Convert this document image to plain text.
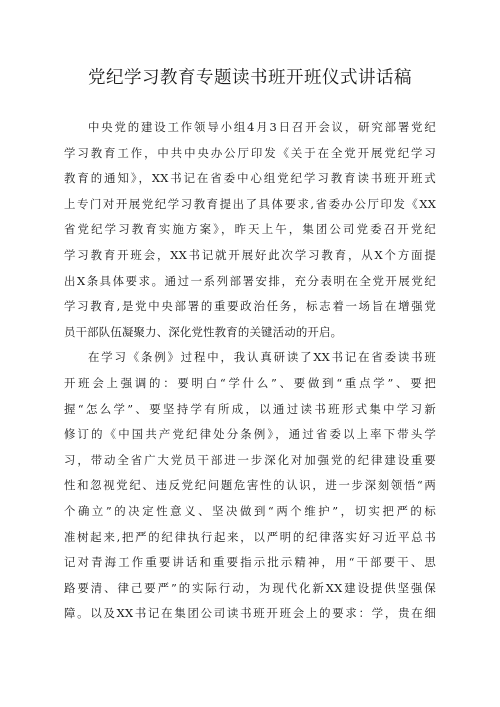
党纪学习教育专题读书班开班仪式讲话稿
中央党的建设工作领导小组4月3日召开会议，研究部署党纪
学习教育工作，中共中央办公厅印发《关于在全党开展党纪学习
教育的通知》，XX书记在省委中心组党纪学习教育读书班开班式
上专门对开展党纪学习教育提出了具体要求,省委办公厅印发《XX
省党纪学习教育实施方案》，昨天上午，集团公司党委召开党纪
学习教育开班会，XX书记就开展好此次学习教育，从X个方面提
出X条具体要求。通过一系列部署安排，充分表明在全党开展党纪
学习教育,是党中央部署的重要政治任务，标志着一场旨在增强党
员干部队伍凝聚力、深化党性教育的关键活动的开启。
在学习《条例》过程中，我认真研读了XX书记在省委读书班
开班会上强调的：要明白“学什么”、要做到“重点学”、要把
握“怎么学”、要坚持学有所成，以通过读书班形式集中学习新
修订的《中国共产党纪律处分条例》，通过省委以上率下带头学
习，带动全省广大党员干部进一步深化对加强党的纪律建设重要
性和忽视党纪、违反党纪问题危害性的认识，进一步深刻领悟“两
个确立”的决定性意义、坚决做到“两个维护”，切实把严的标
准树起来,把严的纪律执行起来，以严明的纪律落实好习近平总书
记对青海工作重要讲话和重要指示批示精神，用“干部要干、思
路要清、律己要严”的实际行动，为现代化新XX建设提供坚强保
障。以及XX书记在集团公司读书班开班会上的要求：学，贵在细
